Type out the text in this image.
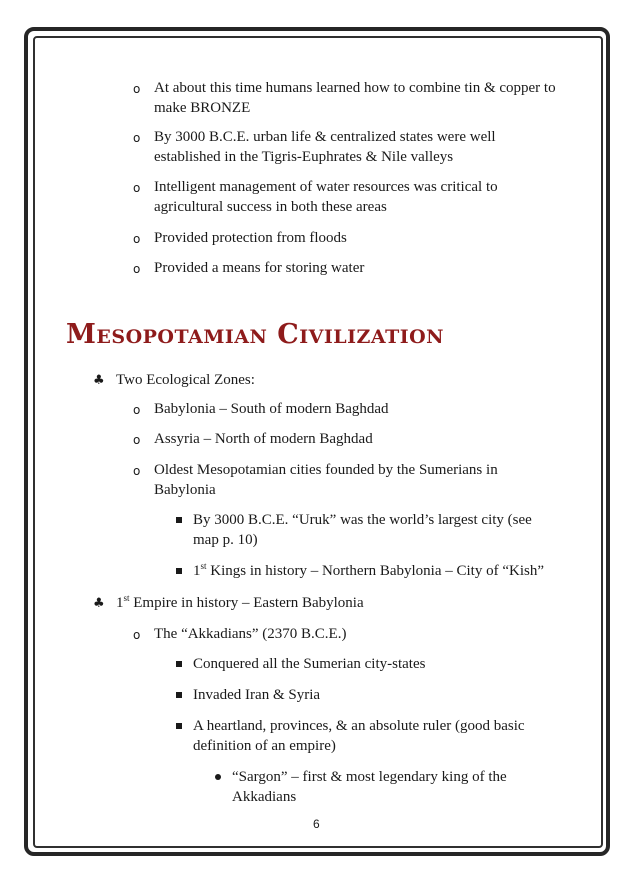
o At about this time humans learned how to combine tin & copper to
make BRONZE
o By 3000 B.C.E. urban life & centralized states were well
established in the Tigris-Euphrates & Nile valleys
o Intelligent management of water resources was critical to
agricultural success in both these areas
o Provided protection from floods
o Provided a means for storing water
Mesopotamian Civilization
♣ Two Ecological Zones:
o Babylonia – South of modern Baghdad
o Assyria – North of modern Baghdad
o Oldest Mesopotamian cities founded by the Sumerians in
Babylonia
By 3000 B.C.E. “Uruk” was the world’s largest city (see
map p. 10)
1st Kings in history – Northern Babylonia – City of “Kish”
♣ 1st Empire in history – Eastern Babylonia
o The “Akkadians” (2370 B.C.E.)
Conquered all the Sumerian city-states
Invaded Iran & Syria
A heartland, provinces, & an absolute ruler (good basic
definition of an empire)
“Sargon” – first & most legendary king of the
Akkadians
6
